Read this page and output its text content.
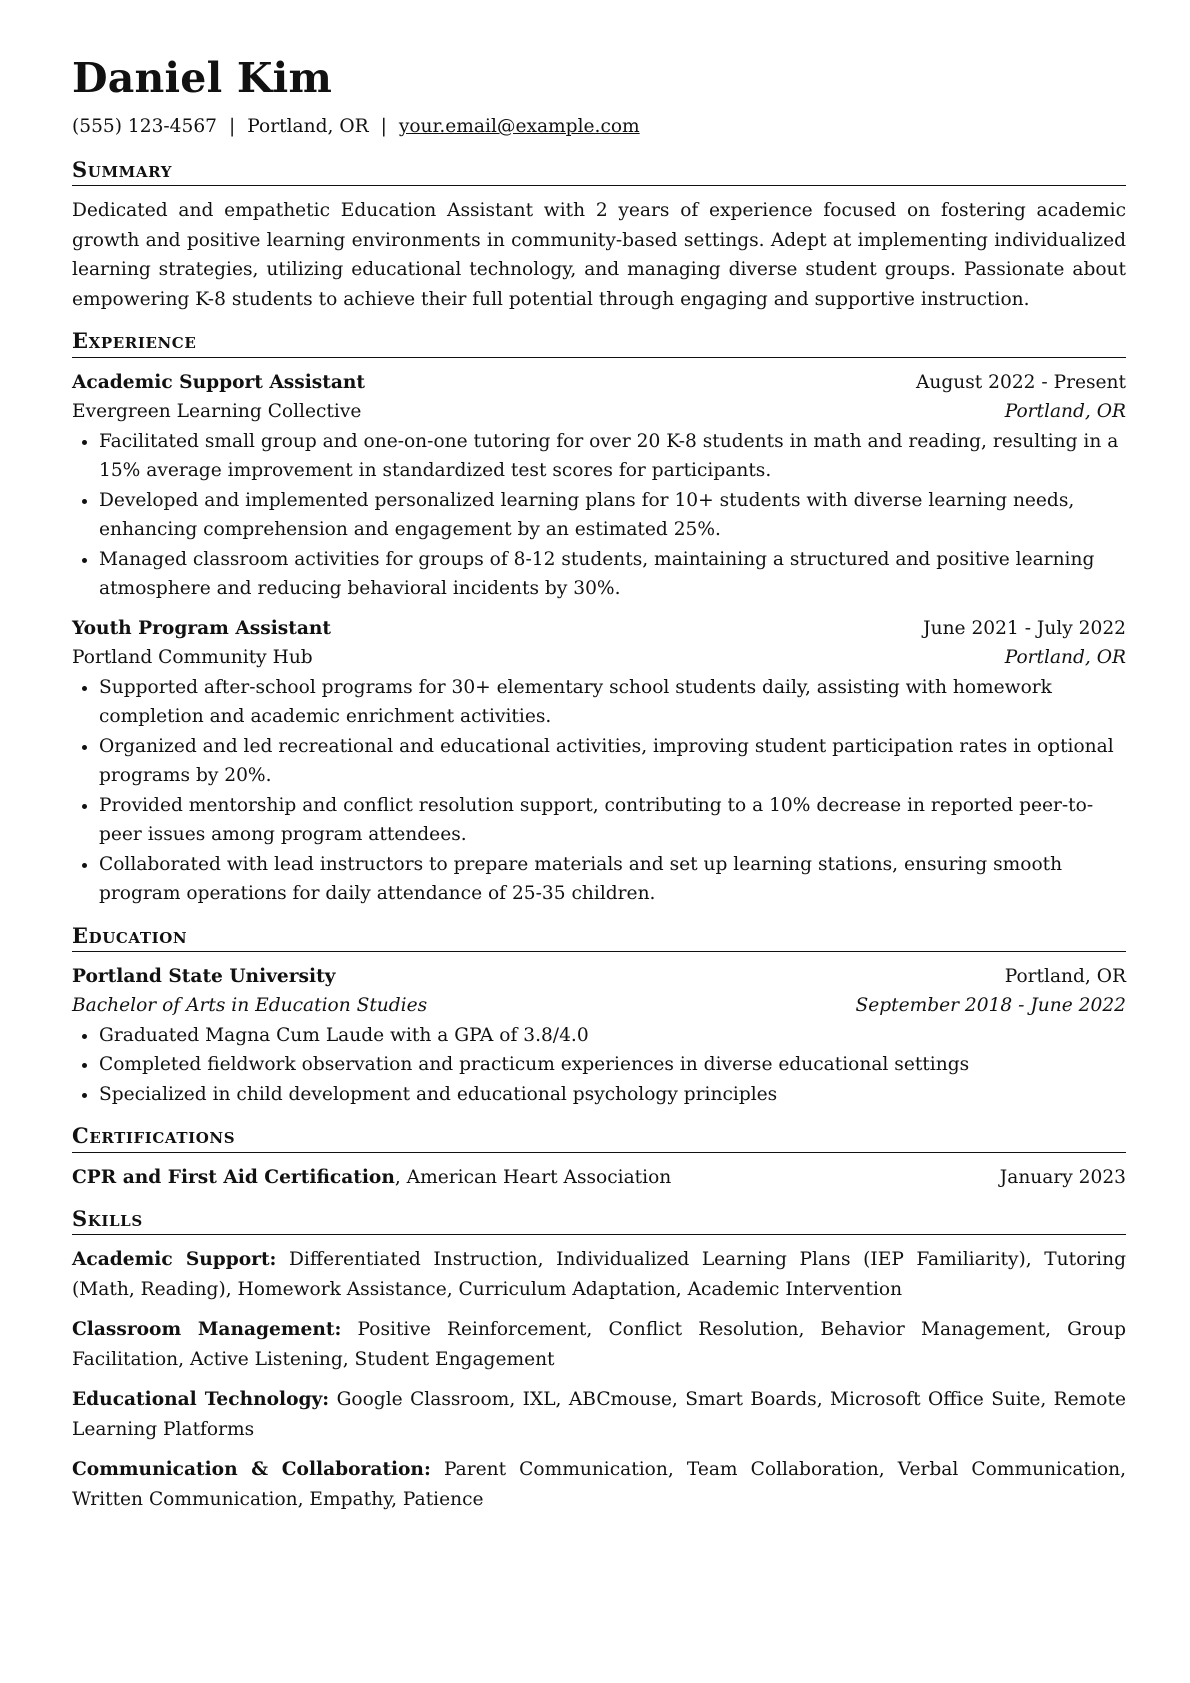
Daniel Kim
(555) 123-4567 | Portland, OR | your.email@example.com
Summary

Dedicated and empathetic Education Assistant with 2 years of experience focused on fostering academic growth and positive learning environments in community-based settings. Adept at implementing individualized learning strategies, utilizing educational technology, and managing diverse student groups. Passionate about empowering K-8 students to achieve their full potential through engaging and supportive instruction.

Experience
Academic Support Assistant	August 2022 - Present
Evergreen Learning Collective	Portland, OR
• Facilitated small group and one-on-one tutoring for over 20 K-8 students in math and reading, resulting in a 15% average improvement in standardized test scores for participants.
• Developed and implemented personalized learning plans for 10+ students with diverse learning needs, enhancing comprehension and engagement by an estimated 25%.
• Managed classroom activities for groups of 8-12 students, maintaining a structured and positive learning atmosphere and reducing behavioral incidents by 30%.
Youth Program Assistant	June 2021 - July 2022
Portland Community Hub	Portland, OR
• Supported after-school programs for 30+ elementary school students daily, assisting with homework completion and academic enrichment activities.
• Organized and led recreational and educational activities, improving student participation rates in optional programs by 20%.
• Provided mentorship and conflict resolution support, contributing to a 10% decrease in reported peer-to-peer issues among program attendees.
• Collaborated with lead instructors to prepare materials and set up learning stations, ensuring smooth program operations for daily attendance of 25-35 children.
Education
Portland State University	Portland, OR
Bachelor of Arts in Education Studies	September 2018 - June 2022
• Graduated Magna Cum Laude with a GPA of 3.8/4.0
• Completed fieldwork observation and practicum experiences in diverse educational settings
• Specialized in child development and educational psychology principles
Certifications
CPR and First Aid Certification, American Heart Association	January 2023
Skills
Academic Support: Differentiated Instruction, Individualized Learning Plans (IEP Familiarity), Tutoring (Math, Reading), Homework Assistance, Curriculum Adaptation, Academic Intervention
Classroom Management: Positive Reinforcement, Conflict Resolution, Behavior Management, Group Facilitation, Active Listening, Student Engagement
Educational Technology: Google Classroom, IXL, ABCmouse, Smart Boards, Microsoft Office Suite, Remote Learning Platforms
Communication & Collaboration: Parent Communication, Team Collaboration, Verbal Communication, Written Communication, Empathy, Patience
